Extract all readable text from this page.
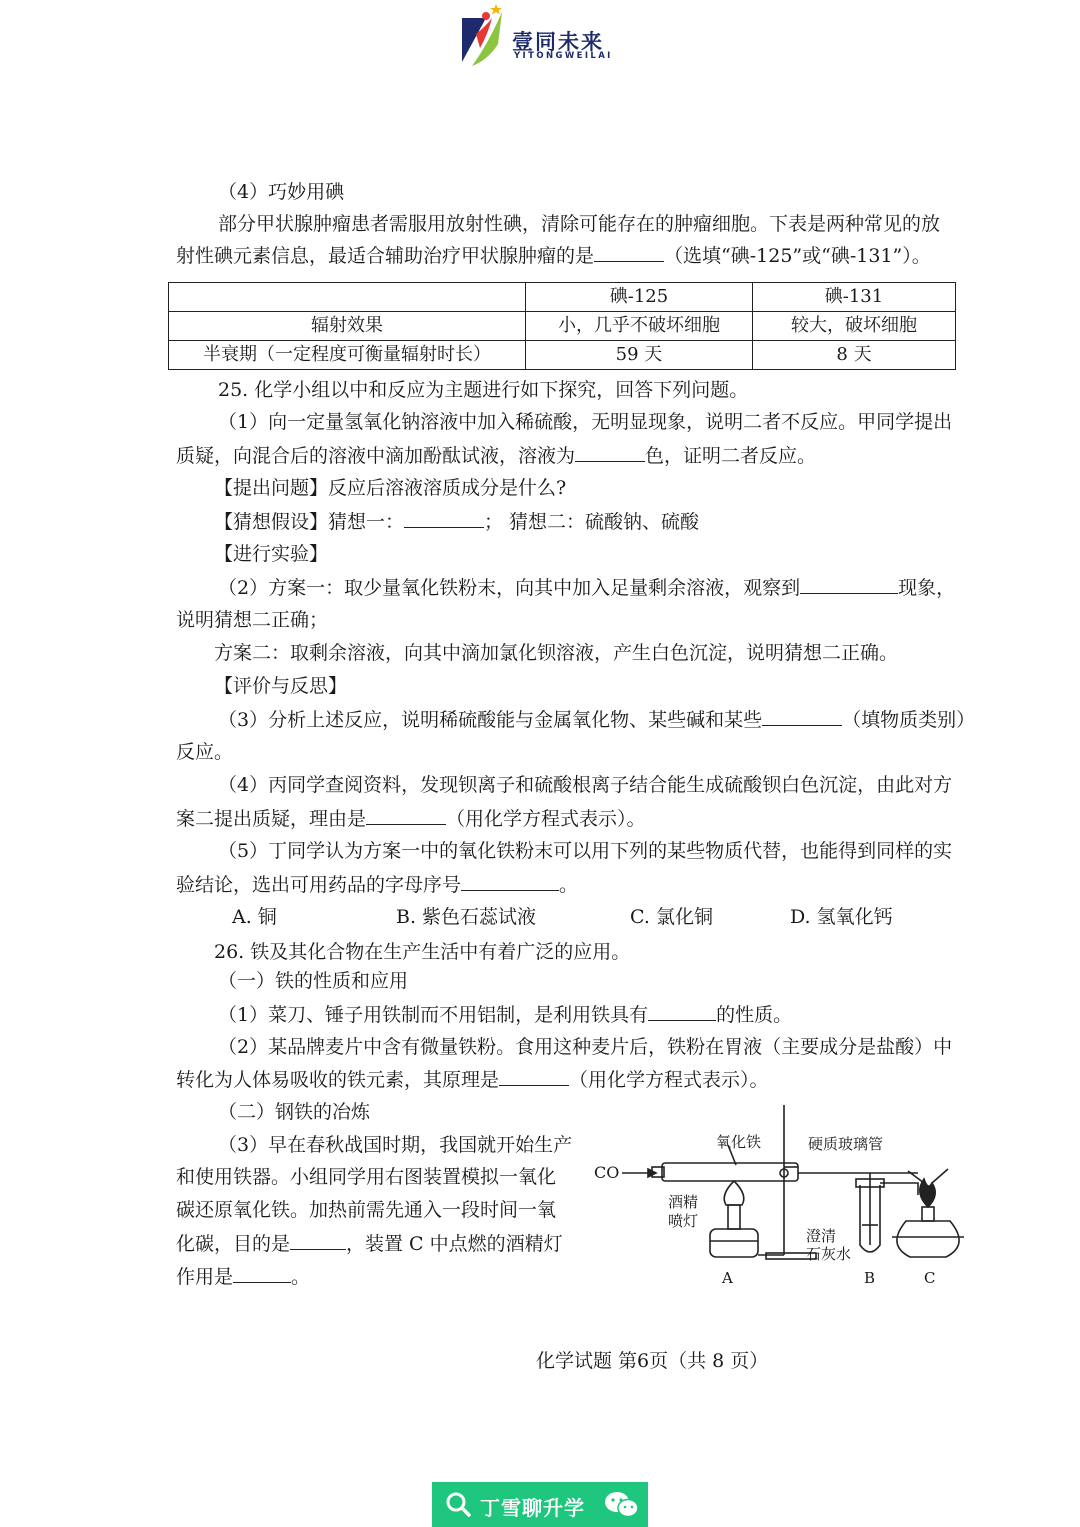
壹同未来
YITONGWEILAI
（4）巧妙用碘
部分甲状腺肿瘤患者需服用放射性碘，清除可能存在的肿瘤细胞。下表是两种常见的放
射性碘元素信息，最适合辅助治疗甲状腺肿瘤的是	（选填“碘-125”或“碘-131”）。
	碘-125	碘-131
辐射效果	小，几乎不破坏细胞	较大，破坏细胞
半衰期（一定程度可衡量辐射时长）	59 天	8 天
25. 化学小组以中和反应为主题进行如下探究，回答下列问题。
（1）向一定量氢氧化钠溶液中加入稀硫酸，无明显现象，说明二者不反应。甲同学提出
质疑，向混合后的溶液中滴加酚酞试液，溶液为	色，证明二者反应。
【提出问题】反应后溶液溶质成分是什么?
【猜想假设】猜想一：	； 猜想二：硫酸钠、硫酸
【进行实验】
（2）方案一：取少量氧化铁粉末，向其中加入足量剩余溶液，观察到	现象，
说明猜想二正确；
方案二：取剩余溶液，向其中滴加氯化钡溶液，产生白色沉淀，说明猜想二正确。
【评价与反思】
（3）分析上述反应，说明稀硫酸能与金属氧化物、某些碱和某些	（填物质类别）
反应。
（4）丙同学查阅资料，发现钡离子和硫酸根离子结合能生成硫酸钡白色沉淀，由此对方
案二提出质疑，理由是	（用化学方程式表示）。
（5）丁同学认为方案一中的氧化铁粉末可以用下列的某些物质代替，也能得到同样的实
验结论，选出可用药品的字母序号	。
A. 铜	B. 紫色石蕊试液	C. 氯化铜	D. 氢氧化钙
26. 铁及其化合物在生产生活中有着广泛的应用。
（一）铁的性质和应用
（1）菜刀、锤子用铁制而不用铝制，是利用铁具有	的性质。
（2）某品牌麦片中含有微量铁粉。食用这种麦片后，铁粉在胃液（主要成分是盐酸）中
转化为人体易吸收的铁元素，其原理是	（用化学方程式表示）。
（二）钢铁的冶炼
（3）早在春秋战国时期，我国就开始生产
和使用铁器。小组同学用右图装置模拟一氧化
碳还原氧化铁。加热前需先通入一段时间一氧
化碳，目的是	，装置 C 中点燃的酒精灯
作用是	。
CO
氧化铁	硬质玻璃管
酒精
喷灯
澄清
石灰水
A	B	C
化学试题 第6页（共 8 页）
丁雪聊升学
